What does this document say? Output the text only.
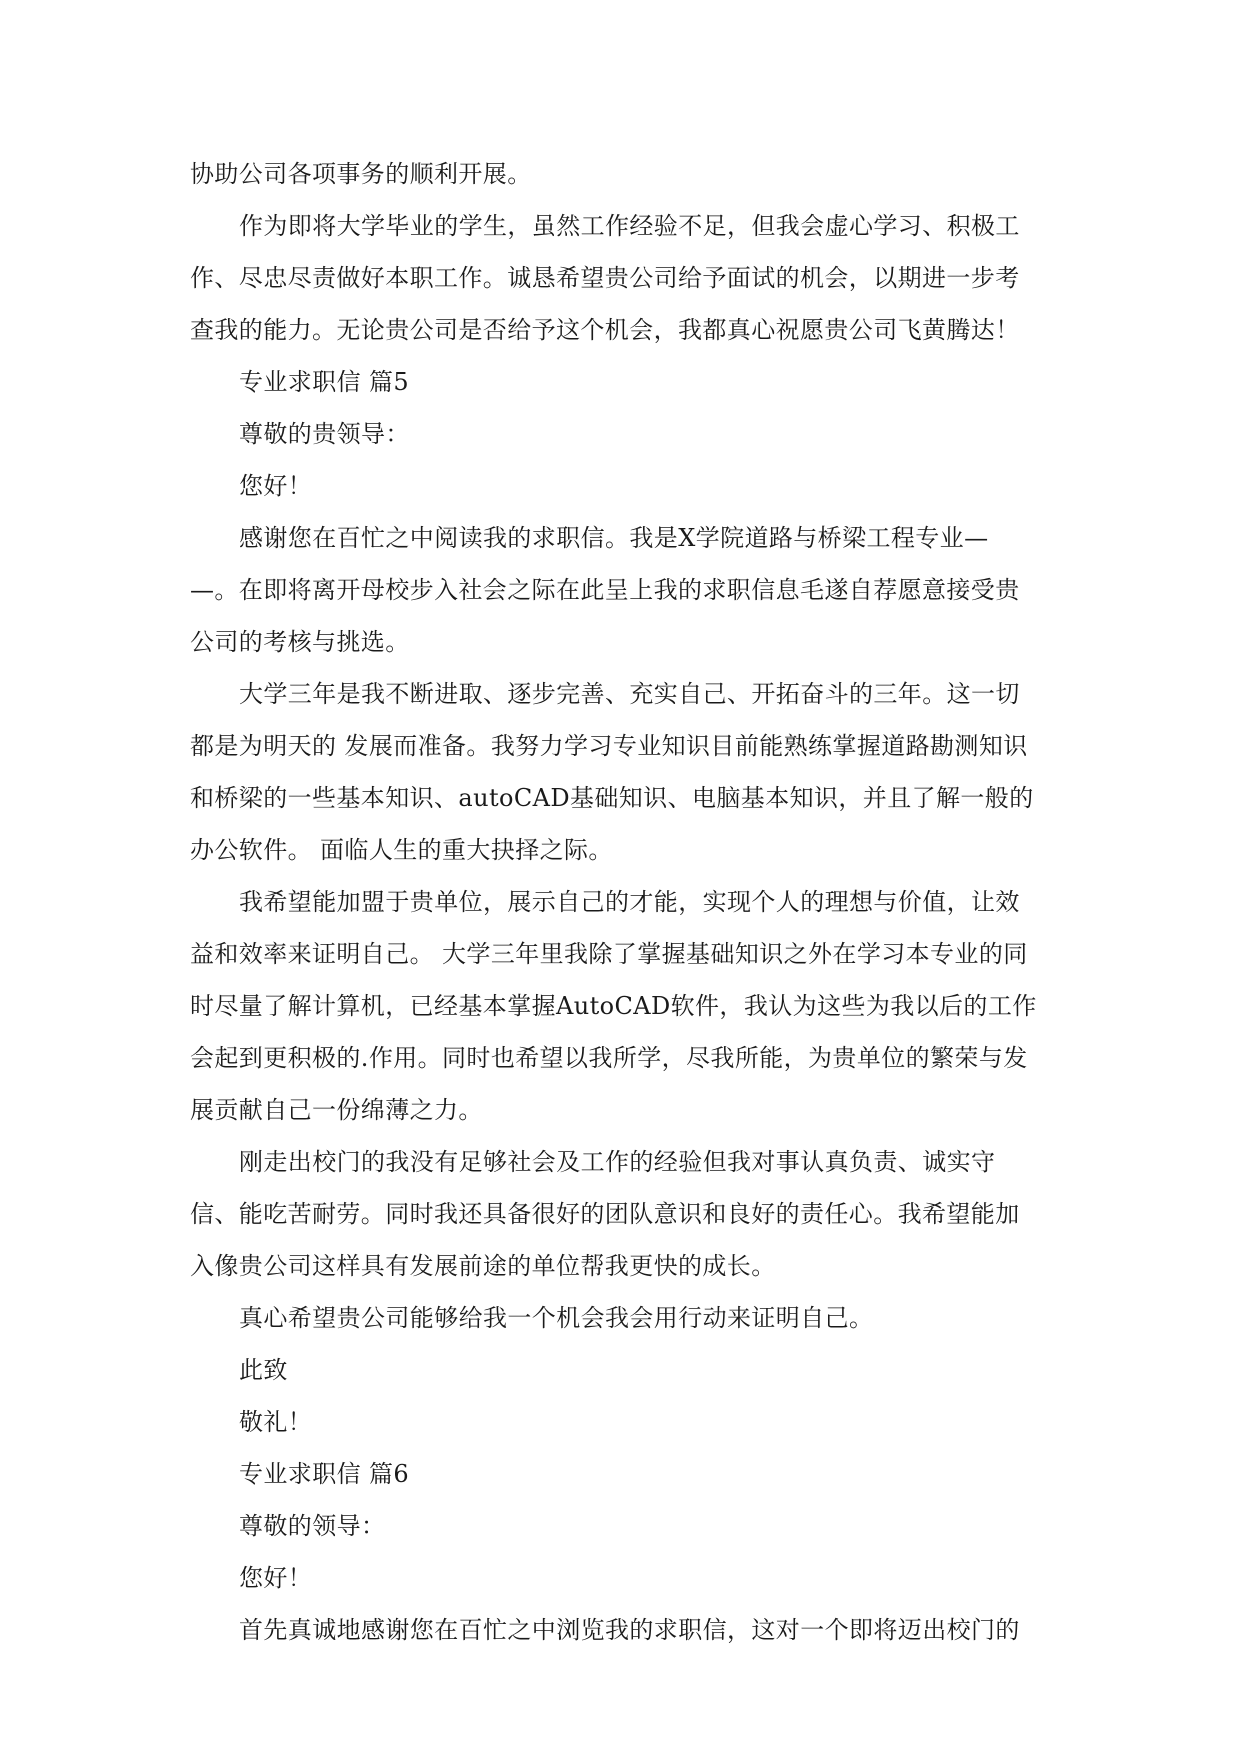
协助公司各项事务的顺利开展。
作为即将大学毕业的学生，虽然工作经验不足，但我会虚心学习、积极工
作、尽忠尽责做好本职工作。诚恳希望贵公司给予面试的机会，以期进一步考
查我的能力。无论贵公司是否给予这个机会，我都真心祝愿贵公司飞黄腾达！
专业求职信 篇5
尊敬的贵领导：
您好！
感谢您在百忙之中阅读我的求职信。我是X学院道路与桥梁工程专业—
—。在即将离开母校步入社会之际在此呈上我的求职信息毛遂自荐愿意接受贵
公司的考核与挑选。
大学三年是我不断进取、逐步完善、充实自己、开拓奋斗的三年。这一切
都是为明天的 发展而准备。我努力学习专业知识目前能熟练掌握道路勘测知识
和桥梁的一些基本知识、autoCAD基础知识、电脑基本知识，并且了解一般的
办公软件。 面临人生的重大抉择之际。
我希望能加盟于贵单位，展示自己的才能，实现个人的理想与价值，让效
益和效率来证明自己。 大学三年里我除了掌握基础知识之外在学习本专业的同
时尽量了解计算机，已经基本掌握AutoCAD软件，我认为这些为我以后的工作
会起到更积极的.作用。同时也希望以我所学，尽我所能，为贵单位的繁荣与发
展贡献自己一份绵薄之力。
刚走出校门的我没有足够社会及工作的经验但我对事认真负责、诚实守
信、能吃苦耐劳。同时我还具备很好的团队意识和良好的责任心。我希望能加
入像贵公司这样具有发展前途的单位帮我更快的成长。
真心希望贵公司能够给我一个机会我会用行动来证明自己。
此致
敬礼！
专业求职信 篇6
尊敬的领导：
您好！
首先真诚地感谢您在百忙之中浏览我的求职信，这对一个即将迈出校门的
